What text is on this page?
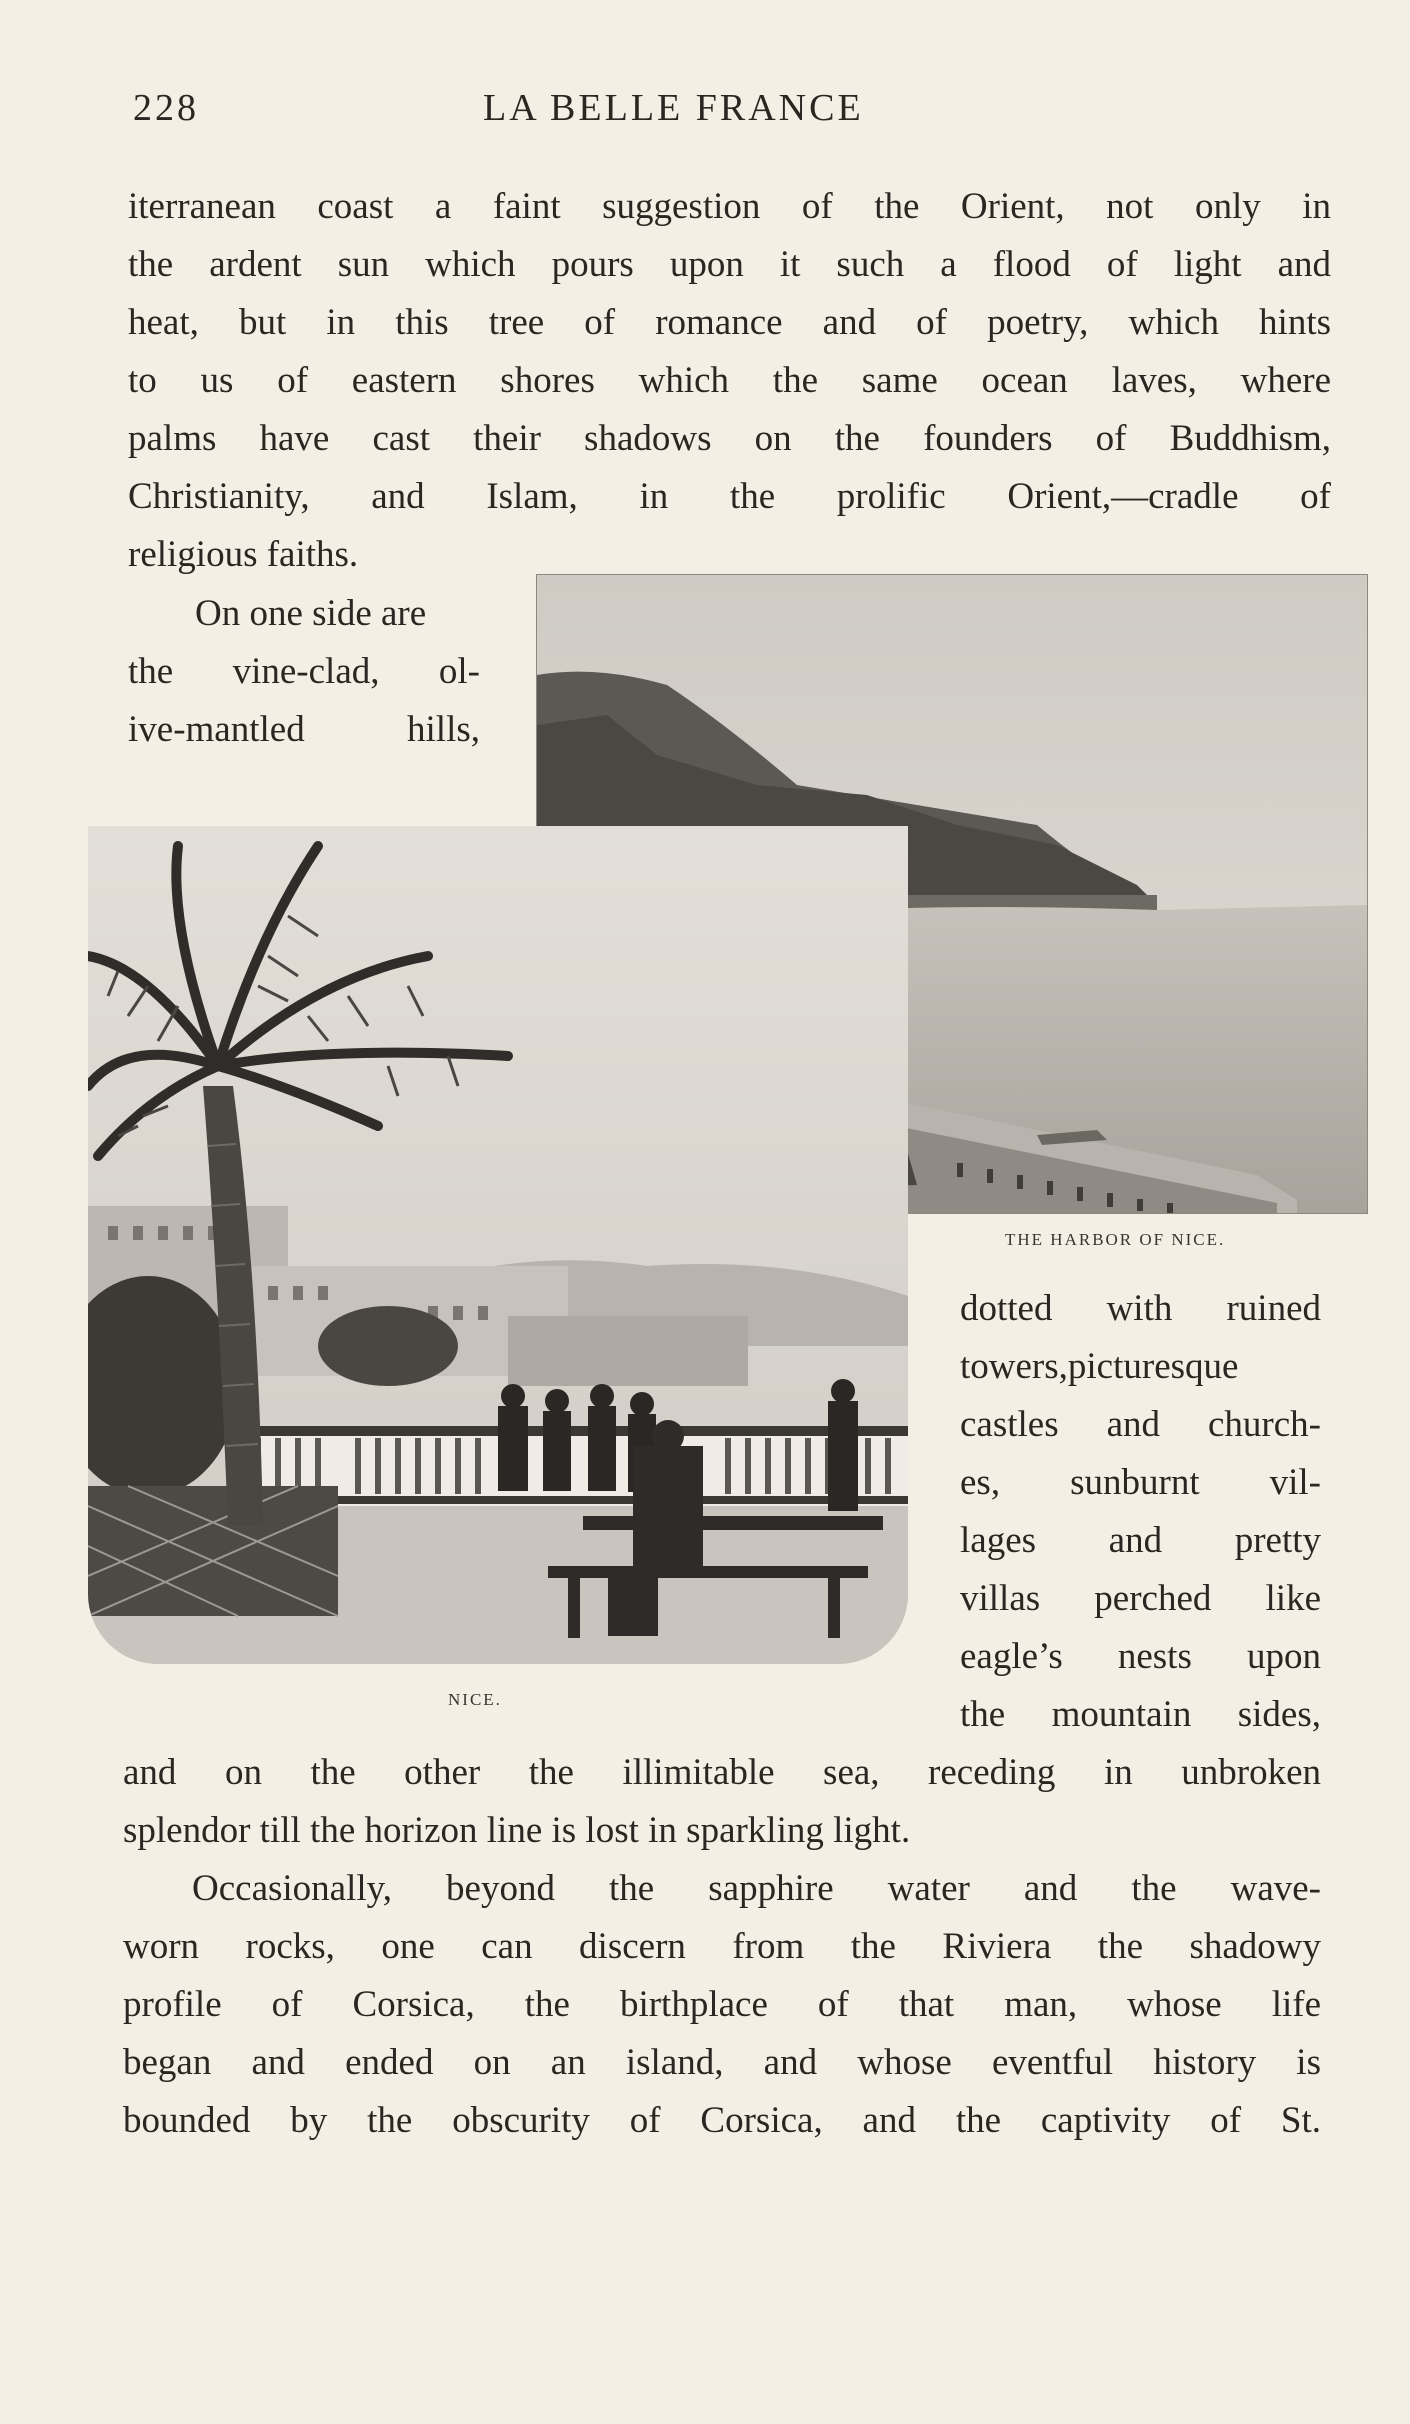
228	LA BELLE FRANCE
iterranean coast a faint suggestion of the Orient, not only in
the ardent sun which pours upon it such a flood of light and
heat, but in this tree of romance and of poetry, which hints
to us of eastern shores which the same ocean laves, where
palms have cast their shadows on the founders of Buddhism,
Christianity, and Islam, in the prolific Orient,—cradle of
religious faiths.
On one side are
the vine-clad, ol-
ive-mantled hills,
THE HARBOR OF NICE.
NICE.
dotted with ruined
towers,picturesque
castles and church-
es, sunburnt vil-
lages and pretty
villas perched like
eagle’s nests upon
the mountain sides,
and on the other the illimitable sea, receding in unbroken
splendor till the horizon line is lost in sparkling light.
Occasionally, beyond the sapphire water and the wave-
worn rocks, one can discern from the Riviera the shadowy
profile of Corsica, the birthplace of that man, whose life
began and ended on an island, and whose eventful history is
bounded by the obscurity of Corsica, and the captivity of St.
